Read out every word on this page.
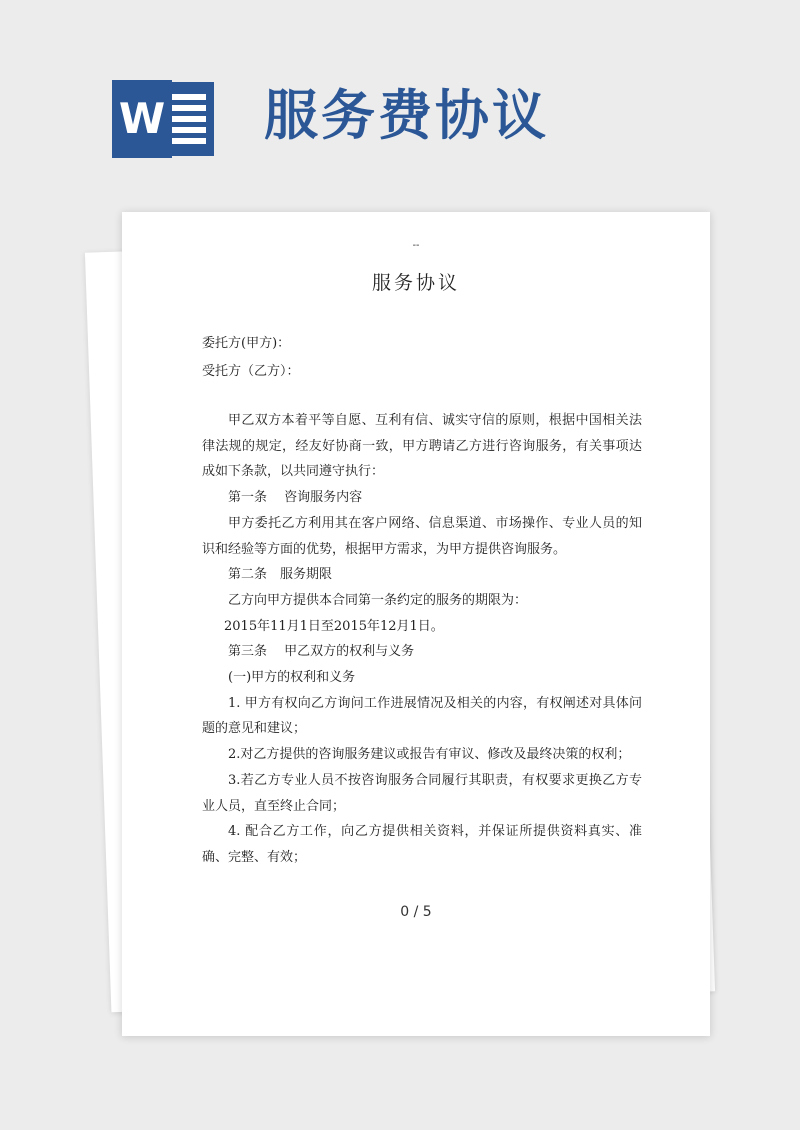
W 服务费协议
--
服务协议
委托方(甲方)：
受托方（乙方）：

甲乙双方本着平等自愿、互利有信、诚实守信的原则，根据中国相关法律法规的规定，经友好协商一致，甲方聘请乙方进行咨询服务，有关事项达成如下条款，以共同遵守执行：

第一条　 咨询服务内容

甲方委托乙方利用其在客户网络、信息渠道、市场操作、专业人员的知识和经验等方面的优势，根据甲方需求，为甲方提供咨询服务。

第二条　服务期限

乙方向甲方提供本合同第一条约定的服务的期限为：

2015年11月1日至2015年12月1日。

第三条　 甲乙双方的权利与义务

(一)甲方的权利和义务

1. 甲方有权向乙方询问工作进展情况及相关的内容，有权阐述对具体问题的意见和建议；

2.对乙方提供的咨询服务建议或报告有审议、修改及最终决策的权利；

3.若乙方专业人员不按咨询服务合同履行其职责，有权要求更换乙方专业人员，直至终止合同；

4. 配合乙方工作，向乙方提供相关资料，并保证所提供资料真实、准确、完整、有效；

0 / 5
